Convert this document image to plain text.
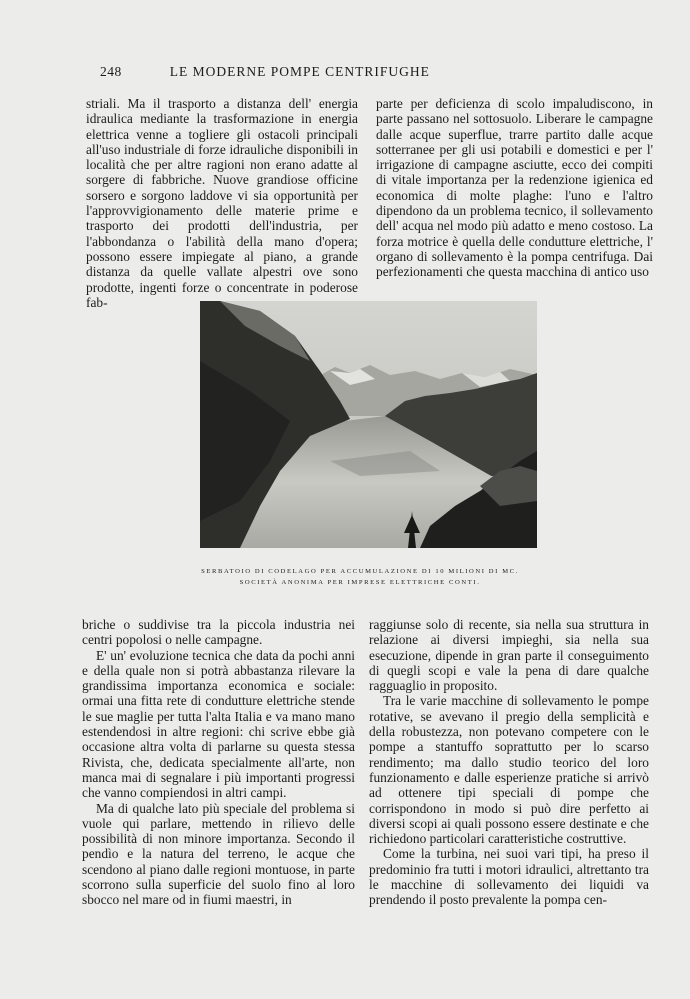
248	LE MODERNE POMPE CENTRIFUGHE

striali. Ma il trasporto a distanza dell' energia idraulica mediante la trasformazione in energia elettrica venne a togliere gli ostacoli principali all'uso industriale di forze idrauliche disponibili in località che per altre ragioni non erano adatte al sorgere di fabbriche. Nuove grandiose officine sorsero e sorgono laddove vi sia opportunità per l'approvvigionamento delle materie prime e trasporto dei prodotti dell'industria, per l'abbondanza o l'abilità della mano d'opera; possono essere impiegate al piano, a grande distanza da quelle vallate alpestri ove sono prodotte, ingenti forze o concentrate in poderose fab-

parte per deficienza di scolo impaludiscono, in parte passano nel sottosuolo. Liberare le campagne dalle acque superflue, trarre partito dalle acque sotterranee per gli usi potabili e domestici e per l' irrigazione di campagne asciutte, ecco dei compiti di vitale importanza per la redenzione igienica ed economica di molte plaghe: l'uno e l'altro dipendono da un problema tecnico, il sollevamento dell' acqua nel modo più adatto e meno costoso. La forza motrice è quella delle condutture elettriche, l' organo di sollevamento è la pompa centrifuga. Dai perfezionamenti che questa macchina di antico uso

SERBATOIO DI CODELAGO PER ACCUMULAZIONE DI 10 MILIONI DI MC.
SOCIETÀ ANONIMA PER IMPRESE ELETTRICHE CONTI.

briche o suddivise tra la piccola industria nei centri popolosi o nelle campagne.

E' un' evoluzione tecnica che data da pochi anni e della quale non si potrà abbastanza rilevare la grandissima importanza economica e sociale: ormai una fitta rete di condutture elettriche stende le sue maglie per tutta l'alta Italia e va mano mano estendendosi in altre regioni: chi scrive ebbe già occasione altra volta di parlarne su questa stessa Rivista, che, dedicata specialmente all'arte, non manca mai di segnalare i più importanti progressi che vanno compiendosi in altri campi.

Ma di qualche lato più speciale del problema si vuole qui parlare, mettendo in rilievo delle possibilità di non minore importanza. Secondo il pendìo e la natura del terreno, le acque che scendono al piano dalle regioni montuose, in parte scorrono sulla superficie del suolo fino al loro sbocco nel mare od in fiumi maestri, in

raggiunse solo di recente, sia nella sua struttura in relazione ai diversi impieghi, sia nella sua esecuzione, dipende in gran parte il conseguimento di quegli scopi e vale la pena di dare qualche ragguaglio in proposito.

Tra le varie macchine di sollevamento le pompe rotative, se avevano il pregio della semplicità e della robustezza, non potevano competere con le pompe a stantuffo soprattutto per lo scarso rendimento; ma dallo studio teorico del loro funzionamento e dalle esperienze pratiche si arrivò ad ottenere tipi speciali di pompe che corrispondono in modo si può dire perfetto ai diversi scopi ai quali possono essere destinate e che richiedono particolari caratteristiche costruttive.

Come la turbina, nei suoi vari tipi, ha preso il predominio fra tutti i motori idraulici, altrettanto tra le macchine di sollevamento dei liquidi va prendendo il posto prevalente la pompa cen-
